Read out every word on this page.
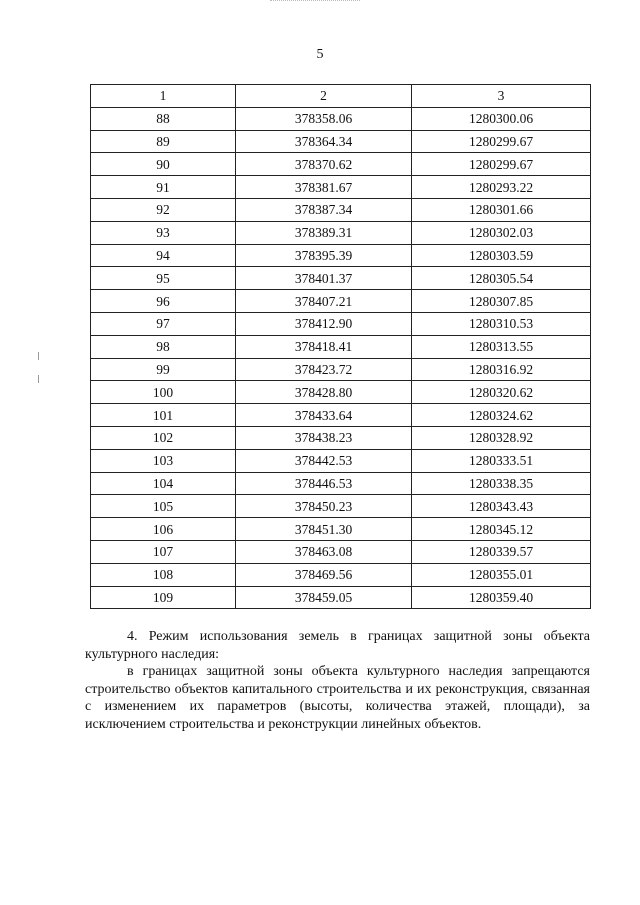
5
1	2	3
88	378358.06	1280300.06
89	378364.34	1280299.67
90	378370.62	1280299.67
91	378381.67	1280293.22
92	378387.34	1280301.66
93	378389.31	1280302.03
94	378395.39	1280303.59
95	378401.37	1280305.54
96	378407.21	1280307.85
97	378412.90	1280310.53
98	378418.41	1280313.55
99	378423.72	1280316.92
100	378428.80	1280320.62
101	378433.64	1280324.62
102	378438.23	1280328.92
103	378442.53	1280333.51
104	378446.53	1280338.35
105	378450.23	1280343.43
106	378451.30	1280345.12
107	378463.08	1280339.57
108	378469.56	1280355.01
109	378459.05	1280359.40

4. Режим использования земель в границах защитной зоны объекта культурного наследия:

в границах защитной зоны объекта культурного наследия запрещаются строительство объектов капитального строительства и их реконструкция, связанная с изменением их параметров (высоты, количества этажей, площади), за исключением строительства и реконструкции линейных объектов.
